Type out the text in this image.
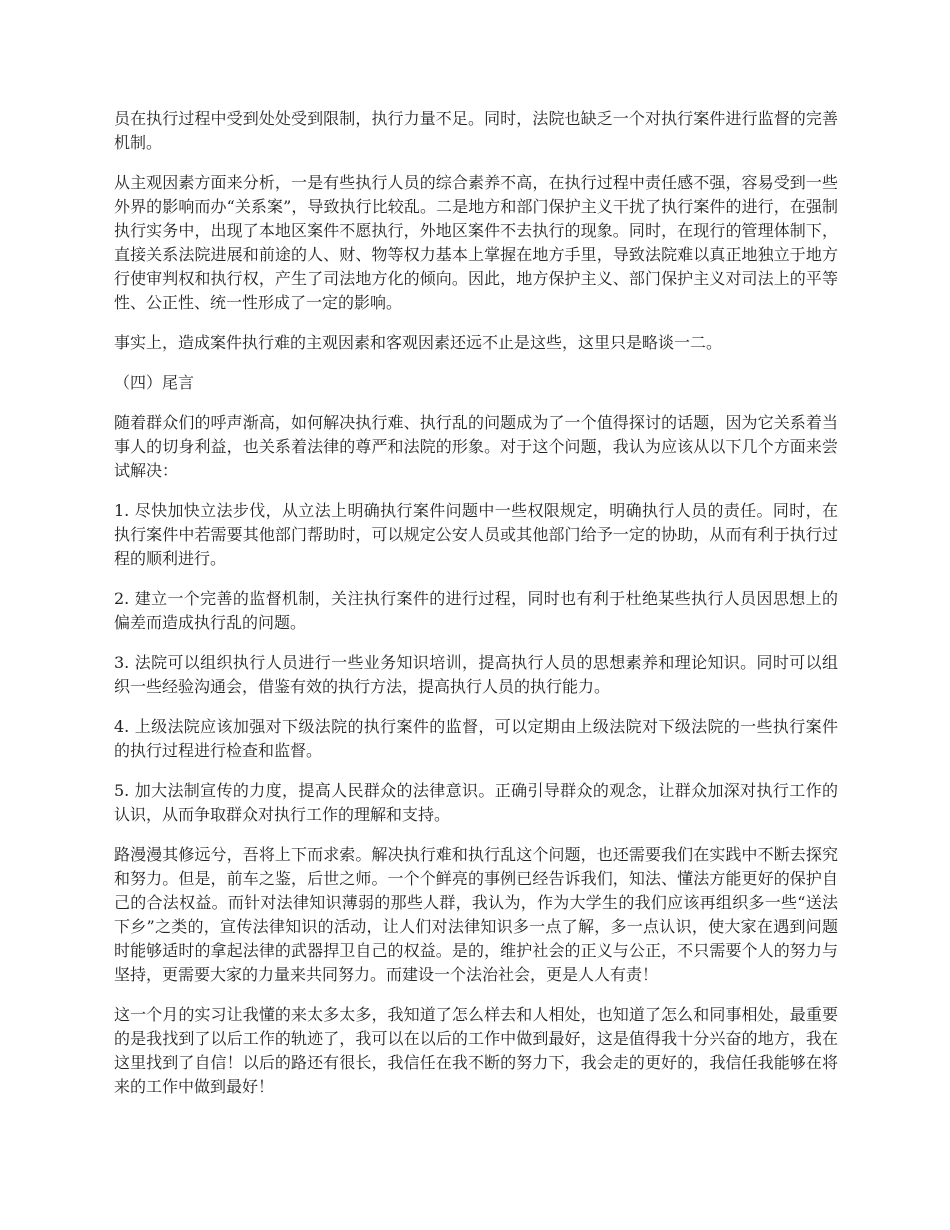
员在执行过程中受到处处受到限制，执行力量不足。同时，法院也缺乏一个对执行案件进行监督的完善机制。

从主观因素方面来分析，一是有些执行人员的综合素养不高，在执行过程中责任感不强，容易受到一些外界的影响而办“关系案”，导致执行比较乱。二是地方和部门保护主义干扰了执行案件的进行，在强制执行实务中，出现了本地区案件不愿执行，外地区案件不去执行的现象。同时，在现行的管理体制下，直接关系法院进展和前途的人、财、物等权力基本上掌握在地方手里，导致法院难以真正地独立于地方行使审判权和执行权，产生了司法地方化的倾向。因此，地方保护主义、部门保护主义对司法上的平等性、公正性、统一性形成了一定的影响。

事实上，造成案件执行难的主观因素和客观因素还远不止是这些，这里只是略谈一二。

（四）尾言

随着群众们的呼声渐高，如何解决执行难、执行乱的问题成为了一个值得探讨的话题，因为它关系着当事人的切身利益，也关系着法律的尊严和法院的形象。对于这个问题，我认为应该从以下几个方面来尝试解决：

1. 尽快加快立法步伐，从立法上明确执行案件问题中一些权限规定，明确执行人员的责任。同时，在执行案件中若需要其他部门帮助时，可以规定公安人员或其他部门给予一定的协助，从而有利于执行过程的顺利进行。

2. 建立一个完善的监督机制，关注执行案件的进行过程，同时也有利于杜绝某些执行人员因思想上的偏差而造成执行乱的问题。

3. 法院可以组织执行人员进行一些业务知识培训，提高执行人员的思想素养和理论知识。同时可以组织一些经验沟通会，借鉴有效的执行方法，提高执行人员的执行能力。

4. 上级法院应该加强对下级法院的执行案件的监督，可以定期由上级法院对下级法院的一些执行案件的执行过程进行检查和监督。

5. 加大法制宣传的力度，提高人民群众的法律意识。正确引导群众的观念，让群众加深对执行工作的认识，从而争取群众对执行工作的理解和支持。

路漫漫其修远兮，吾将上下而求索。解决执行难和执行乱这个问题，也还需要我们在实践中不断去探究和努力。但是，前车之鉴，后世之师。一个个鲜亮的事例已经告诉我们，知法、懂法方能更好的保护自己的合法权益。而针对法律知识薄弱的那些人群，我认为，作为大学生的我们应该再组织多一些“送法下乡”之类的，宣传法律知识的活动，让人们对法律知识多一点了解，多一点认识，使大家在遇到问题时能够适时的拿起法律的武器捍卫自己的权益。是的，维护社会的正义与公正，不只需要个人的努力与坚持，更需要大家的力量来共同努力。而建设一个法治社会，更是人人有责！

这一个月的实习让我懂的来太多太多，我知道了怎么样去和人相处，也知道了怎么和同事相处，最重要的是我找到了以后工作的轨迹了，我可以在以后的工作中做到最好，这是值得我十分兴奋的地方，我在这里找到了自信！以后的路还有很长，我信任在我不断的努力下，我会走的更好的，我信任我能够在将来的工作中做到最好！
